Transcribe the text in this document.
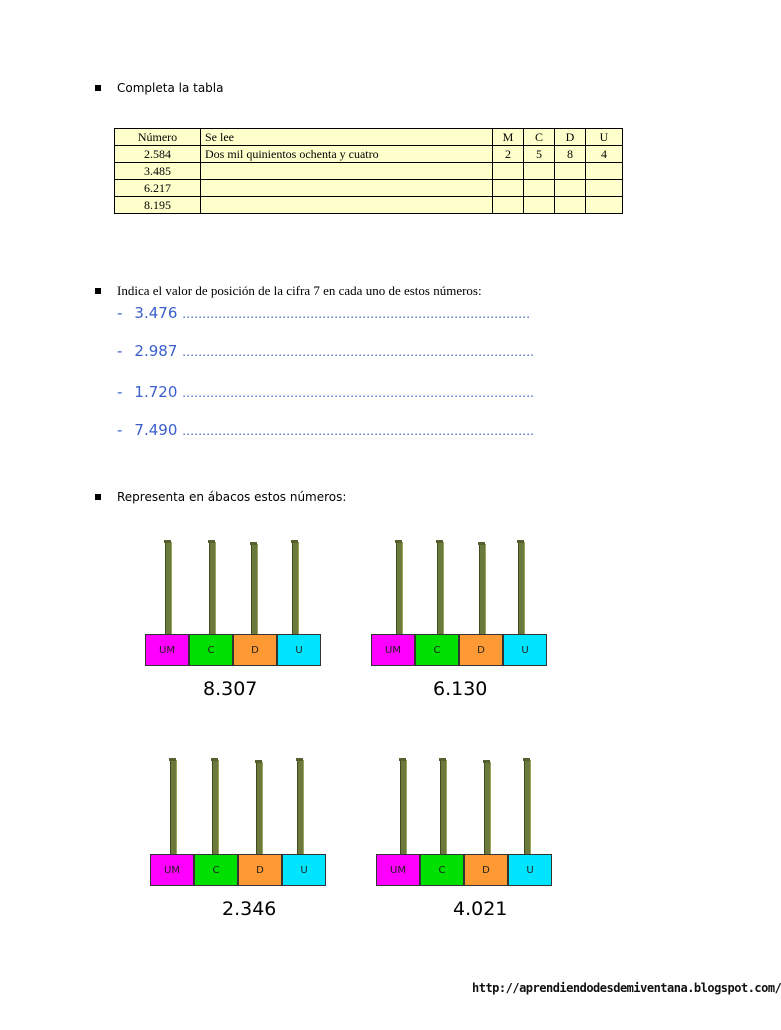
Completa la tabla
Número	Se lee	M	C	D	U
2.584	Dos mil quinientos ochenta y cuatro	2	5	8	4
3.485					
6.217					
8.195					
Indica el valor de posición de la cifra 7 en cada uno de estos números:
- 3.476 ……………………………………………………………………………
- 2.987 …………………………………………………………………………….
- 1.720 …………………………………………………………………………….
- 7.490 …………………………………………………………………………….
Representa en ábacos estos números:
UM	C	D	U
8.307
UM	C	D	U
6.130
UM	C	D	U
2.346
UM	C	D	U
4.021
http://aprendiendodesdemiventana.blogspot.com/
